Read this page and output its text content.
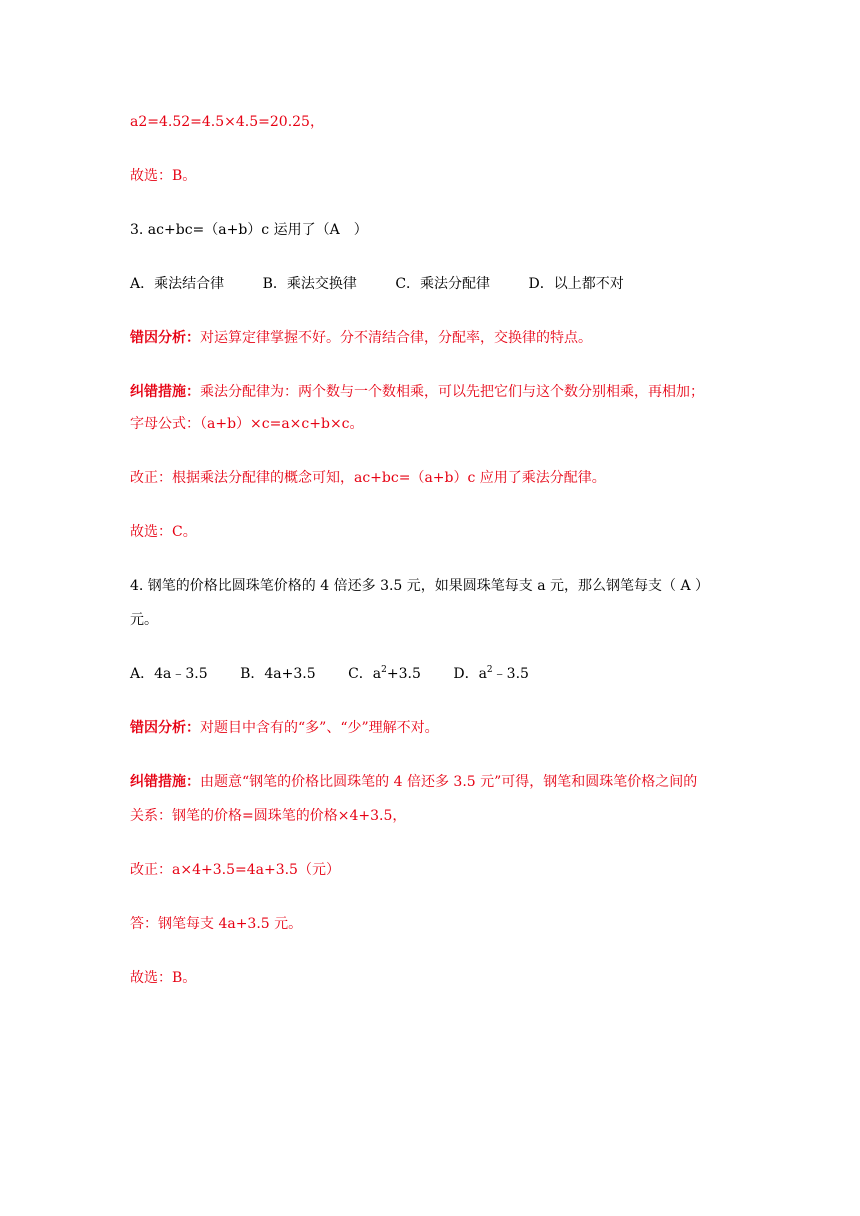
a2=4.52=4.5×4.5=20.25，
故选：B。
3. ac+bc=（a+b）c 运用了（A　）
A．乘法结合律	B．乘法交换律	C．乘法分配律	D．以上都不对
错因分析：对运算定律掌握不好。分不清结合律，分配率，交换律的特点。
纠错措施：乘法分配律为：两个数与一个数相乘，可以先把它们与这个数分别相乘，再相加；
字母公式：（a+b）×c=a×c+b×c。
改正：根据乘法分配律的概念可知，ac+bc=（a+b）c 应用了乘法分配律。
故选：C。
4. 钢笔的价格比圆珠笔价格的 4 倍还多 3.5 元，如果圆珠笔每支 a 元，那么钢笔每支（ A ）
元。
A．4a﹣3.5 B．4a+3.5 C．$a^2+3.5$ D．$a^2﹣3.5$
错因分析：对题目中含有的“多”、“少”理解不对。
纠错措施：由题意“钢笔的价格比圆珠笔的 4 倍还多 3.5 元”可得，钢笔和圆珠笔价格之间的
关系：钢笔的价格=圆珠笔的价格×4+3.5，
改正：a×4+3.5=4a+3.5（元）
答：钢笔每支 4a+3.5 元。
故选：B。
